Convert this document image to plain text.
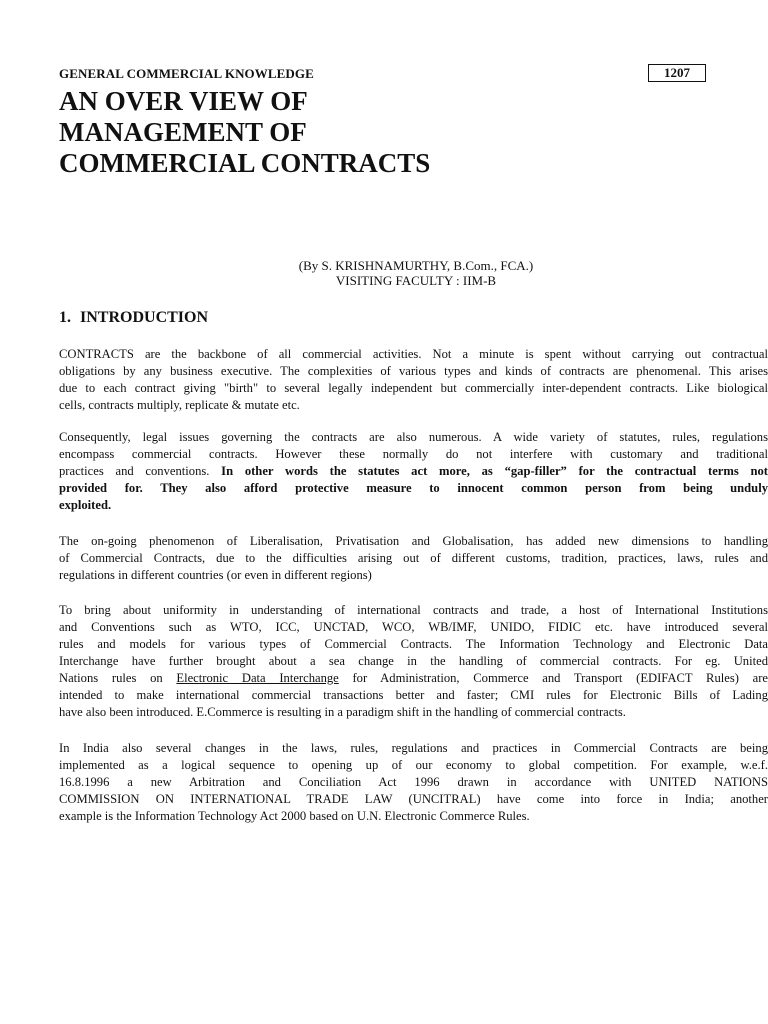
GENERAL COMMERCIAL KNOWLEDGE	1207
AN OVER VIEW OF
MANAGEMENT OF
COMMERCIAL CONTRACTS
(By S. KRISHNAMURTHY, B.Com., FCA.)
VISITING FACULTY : IIM-B
1. INTRODUCTION
CONTRACTS are the backbone of all commercial activities. Not a minute is spent without carrying out contractual
obligations by any business executive. The complexities of various types and kinds of contracts are phenomenal. This arises
due to each contract giving "birth" to several legally independent but commercially inter-dependent contracts. Like biological
cells, contracts multiply, replicate & mutate etc.
Consequently, legal issues governing the contracts are also numerous. A wide variety of statutes, rules, regulations
encompass commercial contracts. However these normally do not interfere with customary and traditional
practices and conventions. In other words the statutes act more, as “gap-filler” for the contractual terms not
provided for. They also afford protective measure to innocent common person from being unduly
exploited.
The on-going phenomenon of Liberalisation, Privatisation and Globalisation, has added new dimensions to handling
of Commercial Contracts, due to the difficulties arising out of different customs, tradition, practices, laws, rules and
regulations in different countries (or even in different regions)
To bring about uniformity in understanding of international contracts and trade, a host of International Institutions
and Conventions such as WTO, ICC, UNCTAD, WCO, WB/IMF, UNIDO, FIDIC etc. have introduced several
rules and models for various types of Commercial Contracts. The Information Technology and Electronic Data
Interchange have further brought about a sea change in the handling of commercial contracts. For eg. United
Nations rules on Electronic Data Interchange for Administration, Commerce and Transport (EDIFACT Rules) are
intended to make international commercial transactions better and faster; CMI rules for Electronic Bills of Lading
have also been introduced. E.Commerce is resulting in a paradigm shift in the handling of commercial contracts.
In India also several changes in the laws, rules, regulations and practices in Commercial Contracts are being
implemented as a logical sequence to opening up of our economy to global competition. For example, w.e.f.
16.8.1996 a new Arbitration and Conciliation Act 1996 drawn in accordance with UNITED NATIONS
COMMISSION ON INTERNATIONAL TRADE LAW (UNCITRAL) have come into force in India; another
example is the Information Technology Act 2000 based on U.N. Electronic Commerce Rules.
